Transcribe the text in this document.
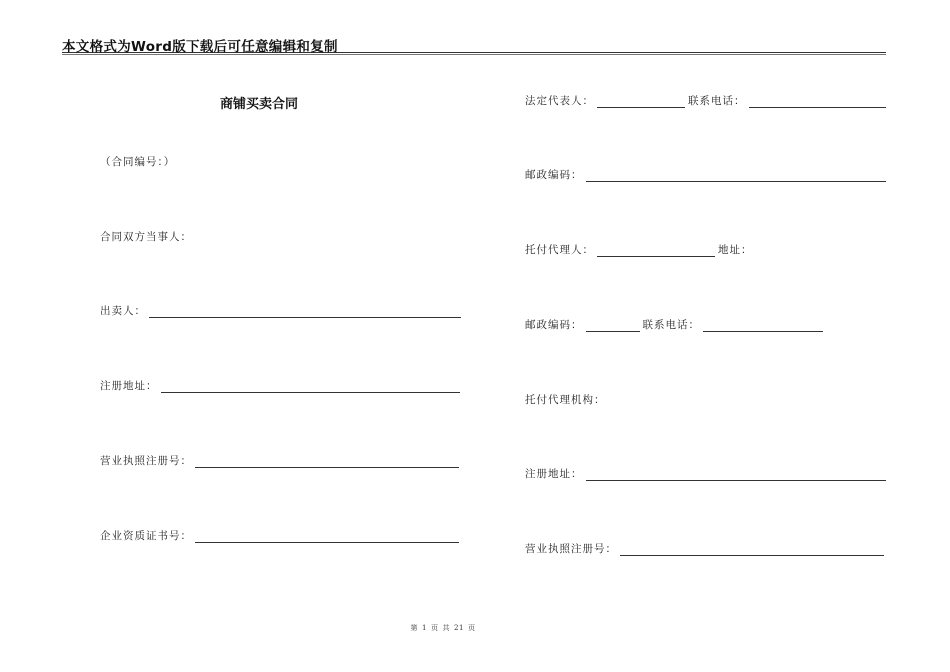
本文格式为Word版下载后可任意编辑和复制
商铺买卖合同
（合同编号：）
合同双方当事人：
出卖人：
注册地址：
营业执照注册号：
企业资质证书号：
法定代表人：	联系电话：
邮政编码：
托付代理人：	地址：
邮政编码：	联系电话：
托付代理机构：
注册地址：
营业执照注册号：
第 1 页 共 21 页
